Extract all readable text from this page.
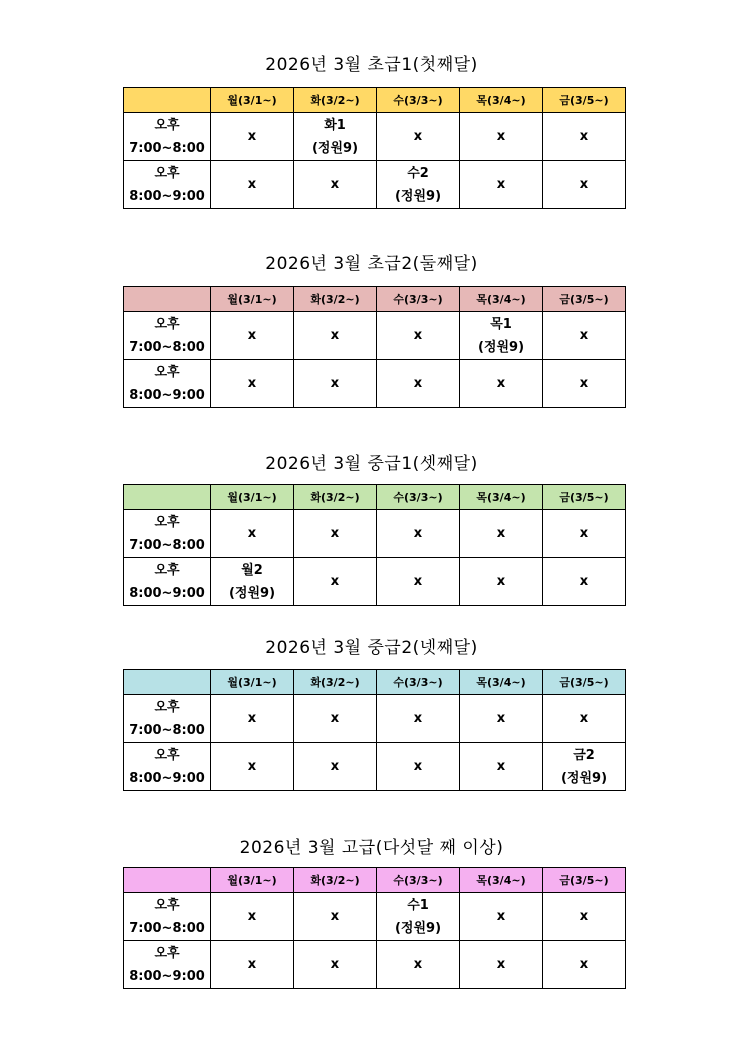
2026년 3월 초급1(첫째달)
	월(3/1~)	화(3/2~)	수(3/3~)	목(3/4~)	금(3/5~)

오후
7:00~8:00	x	화1
(정원9)	x	x	x

오후
8:00~9:00	x	x	수2
(정원9)	x	x
2026년 3월 초급2(둘째달)
	월(3/1~)	화(3/2~)	수(3/3~)	목(3/4~)	금(3/5~)

오후
7:00~8:00	x	x	x	목1
(정원9)	x

오후
8:00~9:00	x	x	x	x	x
2026년 3월 중급1(셋째달)
	월(3/1~)	화(3/2~)	수(3/3~)	목(3/4~)	금(3/5~)

오후
7:00~8:00	x	x	x	x	x

오후
8:00~9:00	월2
(정원9)	x	x	x	x
2026년 3월 중급2(넷째달)
	월(3/1~)	화(3/2~)	수(3/3~)	목(3/4~)	금(3/5~)

오후
7:00~8:00	x	x	x	x	x

오후
8:00~9:00	x	x	x	x	금2
(정원9)
2026년 3월 고급(다섯달 째 이상)
	월(3/1~)	화(3/2~)	수(3/3~)	목(3/4~)	금(3/5~)

오후
7:00~8:00	x	x	수1
(정원9)	x	x

오후
8:00~9:00	x	x	x	x	x
